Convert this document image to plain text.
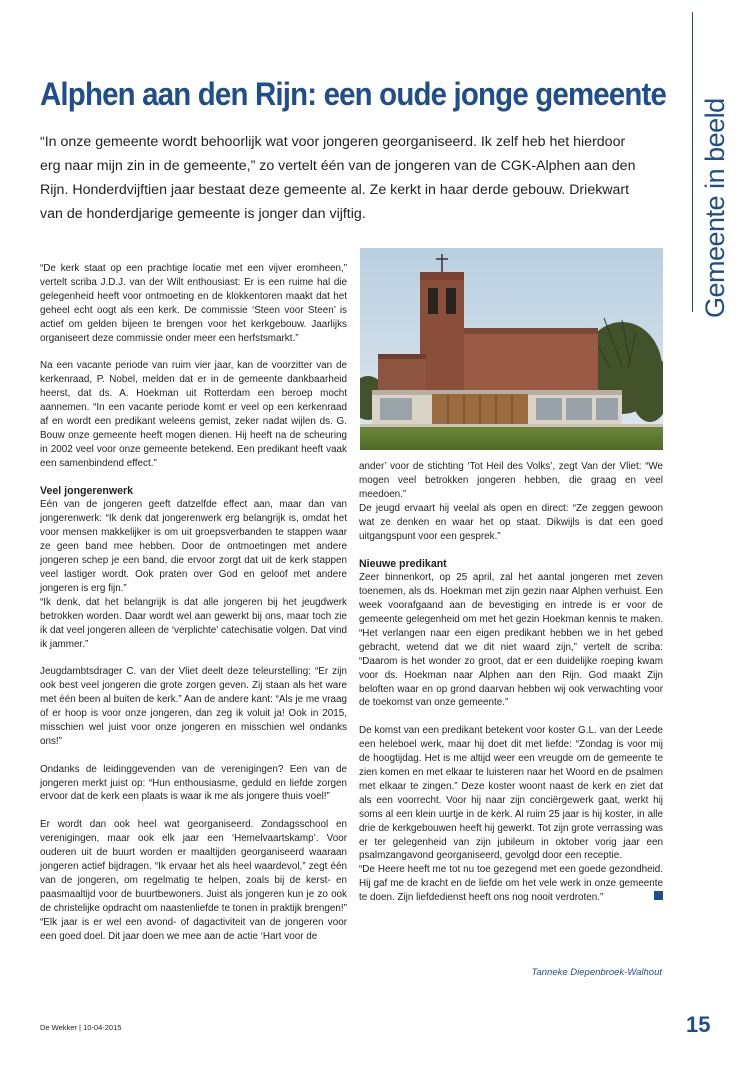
Gemeente in beeld
Alphen aan den Rijn: een oude jonge gemeente

“In onze gemeente wordt behoorlijk wat voor jongeren georganiseerd. Ik zelf heb het hierdoor erg naar mijn zin in de gemeente,” zo vertelt één van de jongeren van de CGK-Alphen aan den Rijn. Honderdvijftien jaar bestaat deze gemeente al. Ze kerkt in haar derde gebouw. Driekwart van de honderdjarige gemeente is jonger dan vijftig.

“De kerk staat op een prachtige locatie met een vijver eromheen,” vertelt scriba J.D.J. van der Wilt enthousiast: Er is een ruime hal die gelegenheid heeft voor ontmoeting en de klokkentoren maakt dat het geheel echt oogt als een kerk. De commissie ‘Steen voor Steen’ is actief om gelden bijeen te brengen voor het kerkgebouw. Jaarlijks organiseert deze commissie onder meer een herfstsmarkt.”

Na een vacante periode van ruim vier jaar, kan de voorzitter van de kerkenraad, P. Nobel, melden dat er in de gemeente dankbaarheid heerst, dat ds. A. Hoekman uit Rotterdam een beroep mocht aannemen. “In een vacante periode komt er veel op een kerkenraad af en wordt een predikant weleens gemist, zeker nadat wijlen ds. G. Bouw onze gemeente heeft mogen dienen. Hij heeft na de scheuring in 2002 veel voor onze gemeente betekend. Een predikant heeft vaak een samenbindend effect.”

Veel jongerenwerk

Eén van de jongeren geeft datzelfde effect aan, maar dan van jongerenwerk: “Ik denk dat jongerenwerk erg belangrijk is, omdat het voor mensen makkelijker is om uit groepsverbanden te stappen waar ze geen band mee hebben. Door de ontmoetingen met andere jongeren schep je een band, die ervoor zorgt dat uit de kerk stappen veel lastiger wordt. Ook praten over God en geloof met andere jongeren is erg fijn.”

“Ik denk, dat het belangrijk is dat alle jongeren bij het jeugdwerk betrokken worden. Daar wordt wel aan gewerkt bij ons, maar toch zie ik dat veel jongeren alleen de ‘verplichte’ catechisatie volgen. Dat vind ik jammer.”

Jeugdambtsdrager C. van der Vliet deelt deze teleurstelling: “Er zijn ook best veel jongeren die grote zorgen geven. Zij staan als het ware met één been al buiten de kerk.” Aan de andere kant: “Als je me vraag of er hoop is voor onze jongeren, dan zeg ik voluit ja! Ook in 2015, misschien wel juist voor onze jongeren en misschien wel ondanks ons!”

Ondanks de leidinggevenden van de verenigingen? Een van de jongeren merkt juist op: “Hun enthousiasme, geduld en liefde zorgen ervoor dat de kerk een plaats is waar ik me als jongere thuis voel!”

Er wordt dan ook heel wat georganiseerd. Zondagsschool en verenigingen, maar ook elk jaar een ‘Hemelvaartskamp’. Voor ouderen uit de buurt worden er maaltijden georganiseerd waaraan jongeren actief bijdragen. “Ik ervaar het als heel waardevol,” zegt één van de jongeren, om regelmatig te helpen, zoals bij de kerst- en paasmaaltijd voor de buurtbewoners. Juist als jongeren kun je zo ook de christelijke opdracht om naastenliefde te tonen in praktijk brengen!”

“Elk jaar is er wel een avond- of dagactiviteit van de jongeren voor een goed doel. Dit jaar doen we mee aan de actie ‘Hart voor de

ander’ voor de stichting ‘Tot Heil des Volks’, zegt Van der Vliet: “We mogen veel betrokken jongeren hebben, die graag en veel meedoen.”

De jeugd ervaart hij veelal als open en direct: “Ze zeggen gewoon wat ze denken en waar het op staat. Dikwijls is dat een goed uitgangspunt voor een gesprek.”

Nieuwe predikant

Zeer binnenkort, op 25 april, zal het aantal jongeren met zeven toenemen, als ds. Hoekman met zijn gezin naar Alphen verhuist. Een week voorafgaand aan de bevestiging en intrede is er voor de gemeente gelegenheid om met het gezin Hoekman kennis te maken. “Het verlangen naar een eigen predikant hebben we in het gebed gebracht, wetend dat we dit niet waard zijn,” vertelt de scriba: “Daarom is het wonder zo groot, dat er een duidelijke roeping kwam voor ds. Hoekman naar Alphen aan den Rijn. God maakt Zijn beloften waar en op grond daarvan hebben wij ook verwachting voor de toekomst van onze gemeente.”

De komst van een predikant betekent voor koster G.L. van der Leede een heleboel werk, maar hij doet dit met liefde: “Zondag is voor mij de hoogtijdag. Het is me altijd weer een vreugde om de gemeente te zien komen en met elkaar te luisteren naar het Woord en de psalmen met elkaar te zingen.” Deze koster woont naast de kerk en ziet dat als een voorrecht. Voor hij naar zijn conciërgewerk gaat, werkt hij soms al een klein uurtje in de kerk. Al ruim 25 jaar is hij koster, in alle drie de kerkgebouwen heeft hij gewerkt. Tot zijn grote verrassing was er ter gelegenheid van zijn jubileum in oktober vorig jaar een psalmzangavond georganiseerd, gevolgd door een receptie.

“De Heere heeft me tot nu toe gezegend met een goede gezondheid. Hij gaf me de kracht en de liefde om het vele werk in onze gemeente te doen. Zijn liefdedienst heeft ons nog nooit verdroten.”

Tanneke Diepenbroek-Walhout
De Wekker | 10-04-2015	15
